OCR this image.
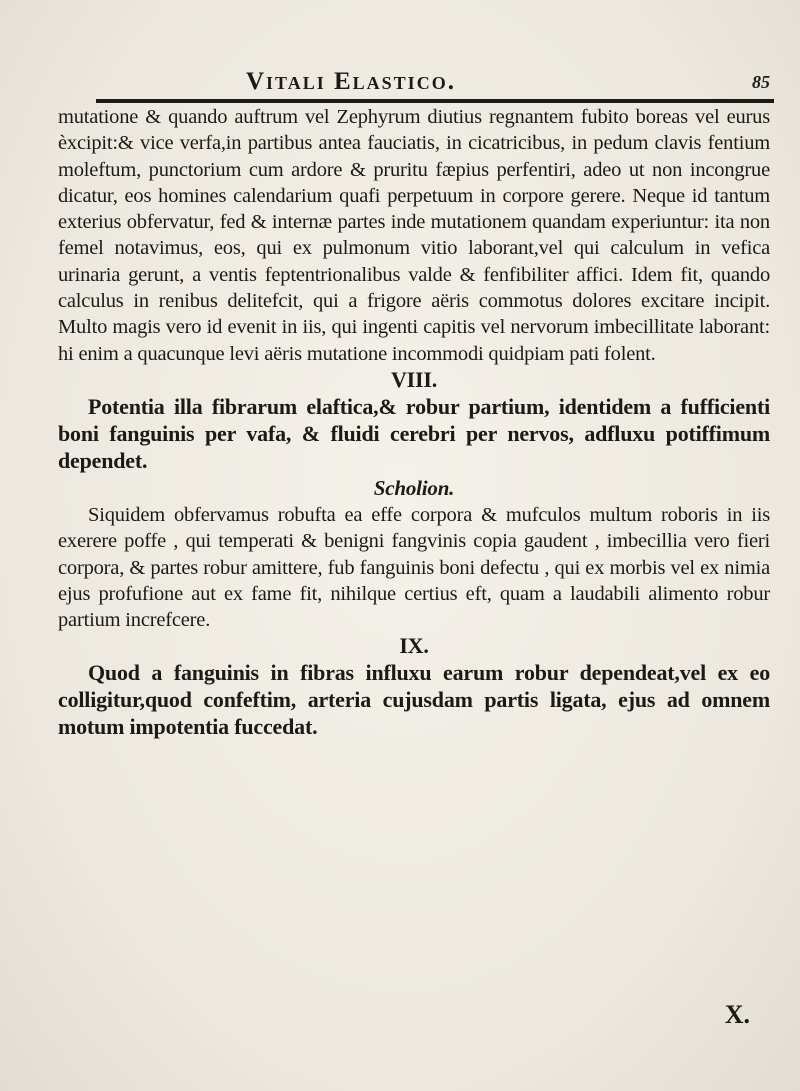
Vitali Elastico.	85

mutatione & quando auftrum vel Zephyrum diutius regnantem fubito boreas vel eurus èxcipit:& vice verfa,in partibus antea fauciatis, in cicatricibus, in pedum clavis fentium moleftum, punctorium cum ardore & pruritu fæpius perfentiri, adeo ut non incongrue dicatur, eos homines calendarium quafi perpetuum in corpore gerere. Neque id tantum exterius obfervatur, fed & internæ partes inde mutationem quandam experiuntur: ita non femel notavimus, eos, qui ex pulmonum vitio laborant,vel qui calculum in vefica urinaria gerunt, a ventis feptentrionalibus valde & fenfibiliter affici. Idem fit, quando calculus in renibus delitefcit, qui a frigore aëris commotus dolores excitare incipit. Multo magis vero id evenit in iis, qui ingenti capitis vel nervorum imbecillitate laborant: hi enim a quacunque levi aëris mutatione incommodi quidpiam pati folent.

VIII.

Potentia illa fibrarum elaftica,& robur partium, identidem a fufficienti boni fanguinis per vafa, & fluidi cerebri per nervos, adfluxu potiffimum dependet.

Scholion.

Siquidem obfervamus robufta ea effe corpora & mufculos multum roboris in iis exerere poffe , qui temperati & benigni fangvinis copia gaudent , imbecillia vero fieri corpora, & partes robur amittere, fub fanguinis boni defectu , qui ex morbis vel ex nimia ejus profufione aut ex fame fit, nihilque certius eft, quam a laudabili alimento robur partium increfcere.

IX.

Quod a fanguinis in fibras influxu earum robur dependeat,vel ex eo colligitur,quod confeftim, arteria cujusdam partis ligata, ejus ad omnem motum impotentia fuccedat.

X.
